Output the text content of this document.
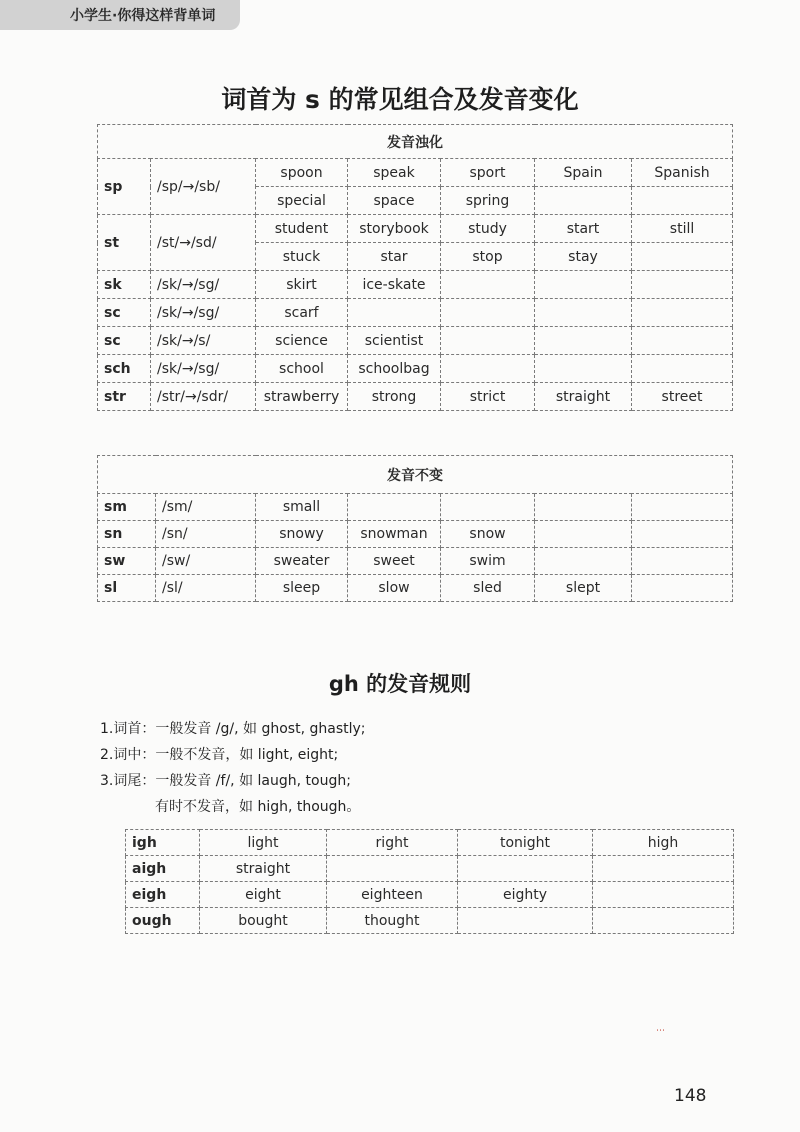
小学生·你得这样背单词
词首为 s 的常见组合及发音变化
发音浊化						
sp	/sp/→/sb/	spoon	speak	sport	Spain	Spanish
		special	space	spring		
st	/st/→/sd/	student	storybook	study	start	still
		stuck	star	stop	stay	
sk	/sk/→/sg/	skirt	ice-skate			
sc	/sk/→/sg/	scarf				
sc	/sk/→/s/	science	scientist			
sch	/sk/→/sg/	school	schoolbag			
str	/str/→/sdr/	strawberry	strong	strict	straight	street
发音不变						
sm	/sm/	small				
sn	/sn/	snowy	snowman	snow		
sw	/sw/	sweater	sweet	swim		
sl	/sl/	sleep	slow	sled	slept	
gh 的发音规则
1.词首：一般发音 /g/, 如 ghost, ghastly;
2.词中：一般不发音，如 light, eight;
3.词尾：一般发音 /f/, 如 laugh, tough;
有时不发音，如 high, though。
igh	light	right	tonight	high
aigh	straight			
eigh	eight	eighteen	eighty	
ough	bought	thought		
⋯
148
